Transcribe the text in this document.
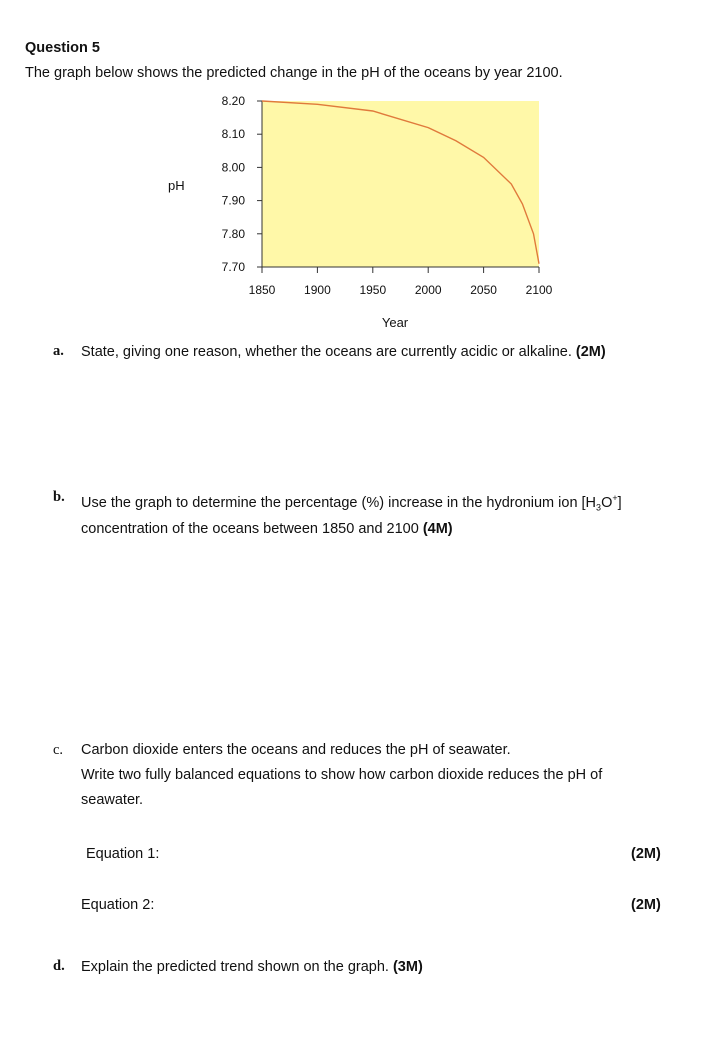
Question 5
The graph below shows the predicted change in the pH of the oceans by year 2100.
8.20
8.10
8.00
7.90
7.80
7.70
1850 1900 1950 2000 2050 2100
pH
Year
a. State, giving one reason, whether the oceans are currently acidic or alkaline. (2M)
b. Use the graph to determine the percentage (%) increase in the hydronium ion $[H_3O^+]$
concentration of the oceans between 1850 and 2100 (4M)
c. Carbon dioxide enters the oceans and reduces the pH of seawater.
Write two fully balanced equations to show how carbon dioxide reduces the pH of
seawater.
Equation 1:	(2M)
Equation 2:	(2M)
d. Explain the predicted trend shown on the graph. (3M)
